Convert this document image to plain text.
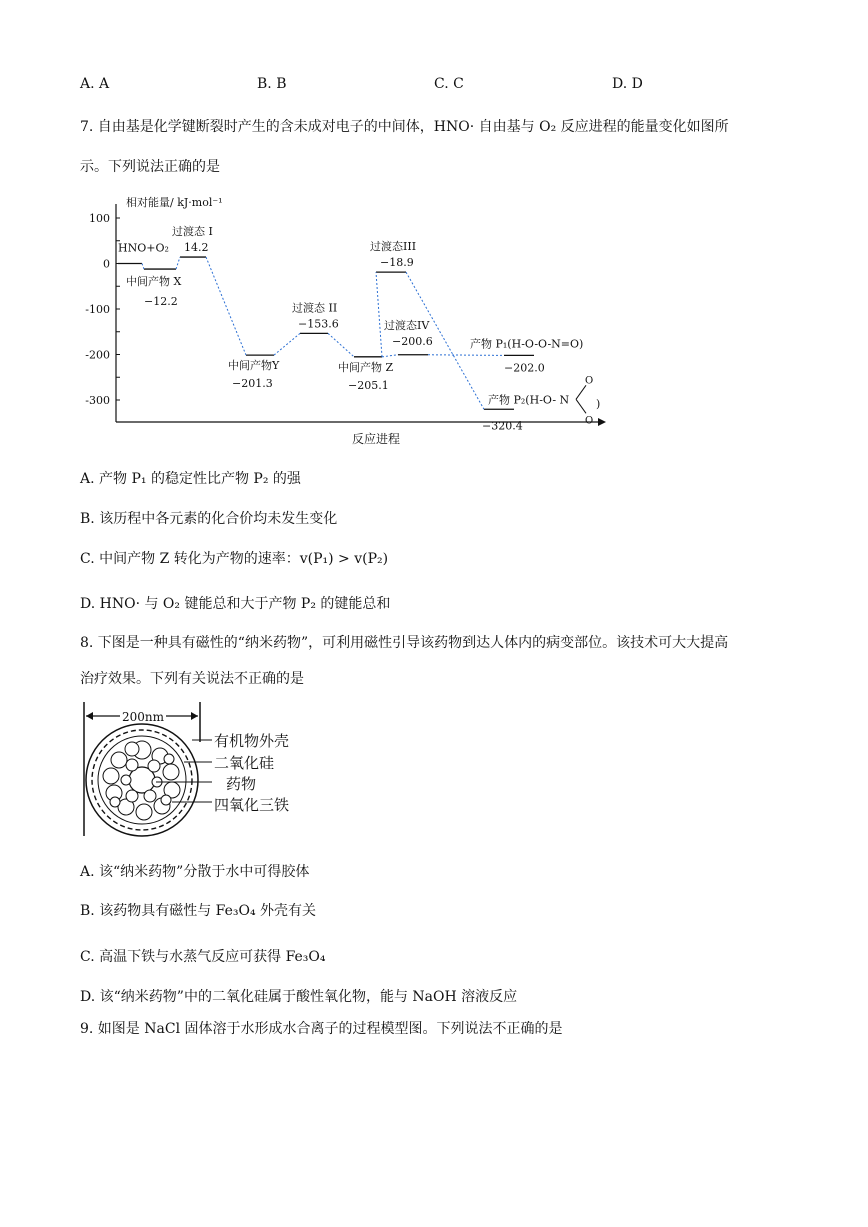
A. A	B. B	C. C	D. D
7. 自由基是化学键断裂时产生的含未成对电子的中间体，HNO· 自由基与 O₂ 反应进程的能量变化如图所
示。下列说法正确的是
相对能量/ kJ·mol⁻¹
反应进程
100
0
-100
-200
-300
HNO+O₂
中间产物 X
−12.2
过渡态 I
14.2
中间产物Y
−201.3
过渡态 II
−153.6
中间产物 Z
−205.1
过渡态III
−18.9
过渡态IV
−200.6	产物 P₁(H-O-O-N=O)
−202.0
产物 P₂(H-O- N
−320.4
O
O
)
A. 产物 P₁ 的稳定性比产物 P₂ 的强
B. 该历程中各元素的化合价均未发生变化
C. 中间产物 Z 转化为产物的速率：v(P₁) > v(P₂)
D. HNO· 与 O₂ 键能总和大于产物 P₂ 的键能总和
8. 下图是一种具有磁性的“纳米药物”，可利用磁性引导该药物到达人体内的病变部位。该技术可大大提高
治疗效果。下列有关说法不正确的是
200nm
有机物外壳
二氧化硅
药物
四氧化三铁
A. 该“纳米药物”分散于水中可得胶体
B. 该药物具有磁性与 Fe₃O₄ 外壳有关
C. 高温下铁与水蒸气反应可获得 Fe₃O₄
D. 该“纳米药物”中的二氧化硅属于酸性氧化物，能与 NaOH 溶液反应
9. 如图是 NaCl 固体溶于水形成水合离子的过程模型图。下列说法不正确的是
